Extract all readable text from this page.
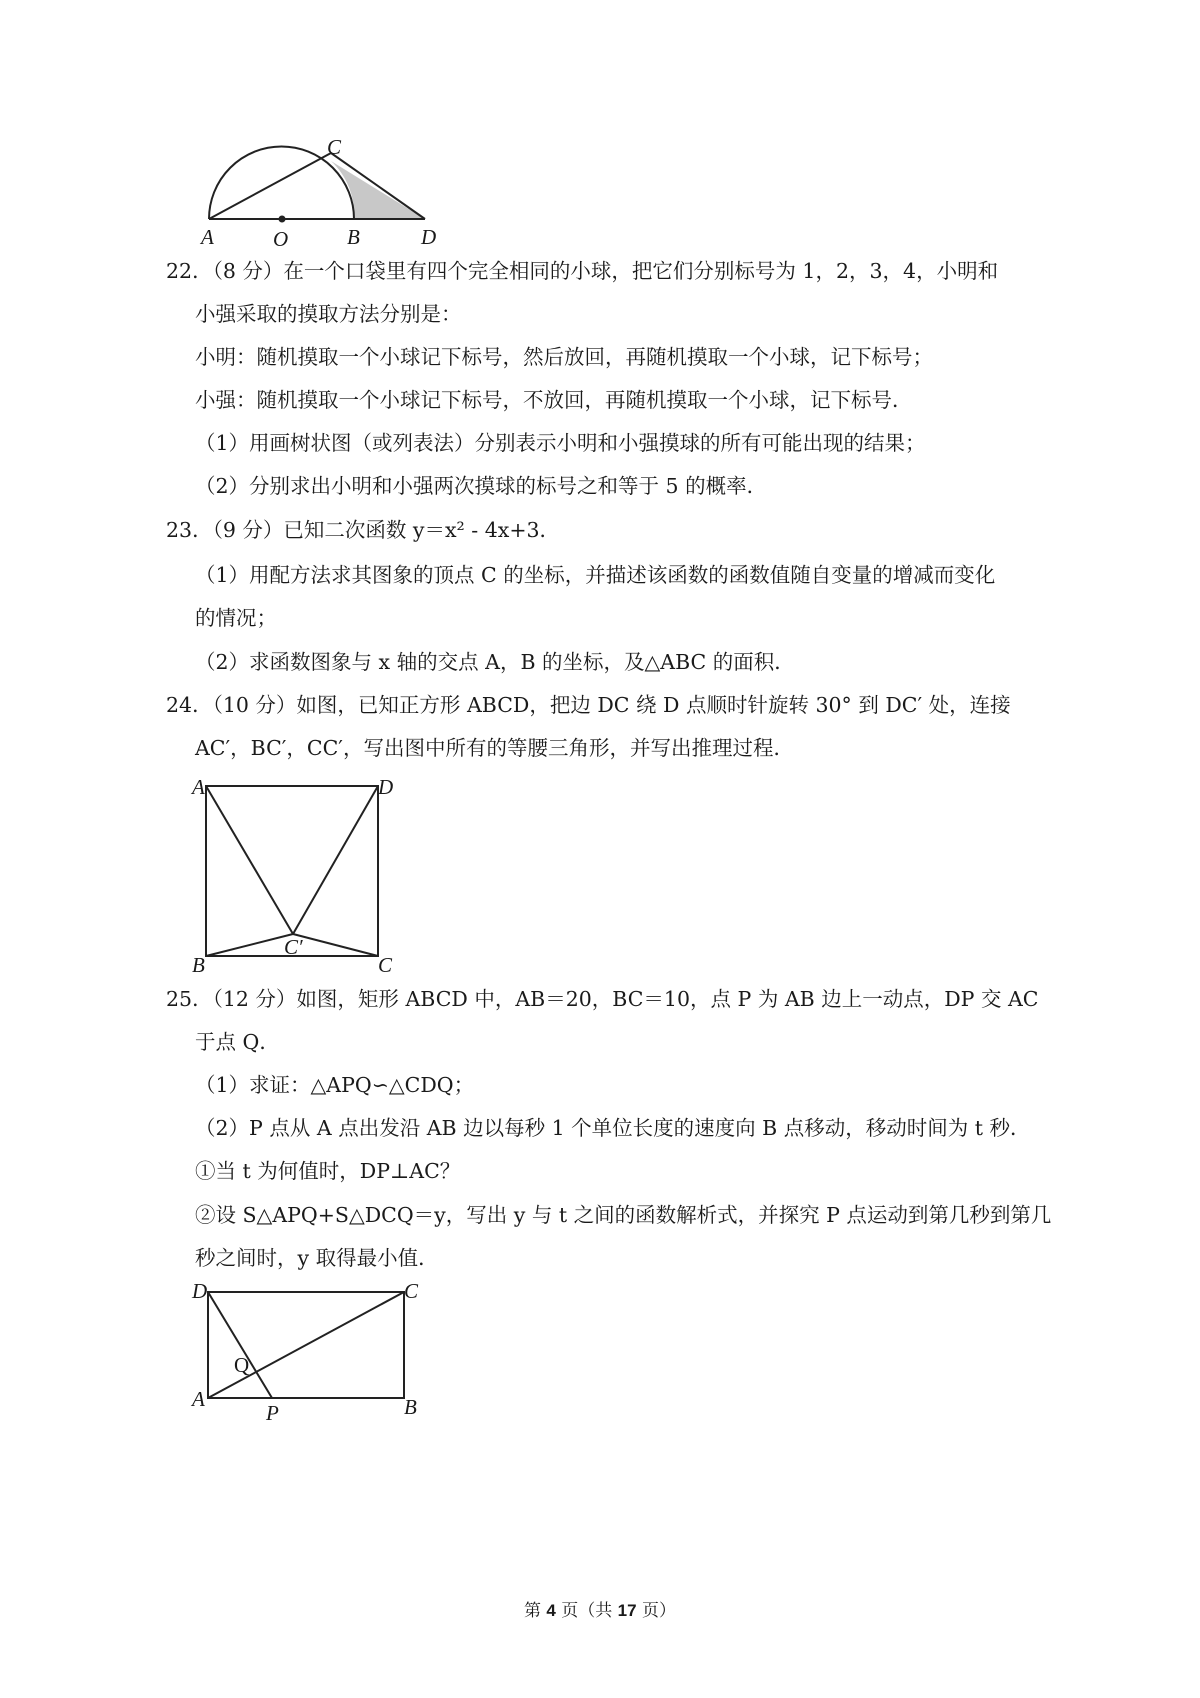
A	O	B	D
C
22．（8 分）在一个口袋里有四个完全相同的小球，把它们分别标号为 1，2，3，4，小明和
小强采取的摸取方法分别是：
小明：随机摸取一个小球记下标号，然后放回，再随机摸取一个小球，记下标号；
小强：随机摸取一个小球记下标号，不放回，再随机摸取一个小球，记下标号．
（1）用画树状图（或列表法）分别表示小明和小强摸球的所有可能出现的结果；
（2）分别求出小明和小强两次摸球的标号之和等于 5 的概率．
23．（9 分）已知二次函数 y＝x² - 4x+3．
（1）用配方法求其图象的顶点 C 的坐标，并描述该函数的函数值随自变量的增减而变化
的情况；
（2）求函数图象与 x 轴的交点 A，B 的坐标，及△ABC 的面积．
24．（10 分）如图，已知正方形 ABCD，把边 DC 绕 D 点顺时针旋转 30° 到 DC′ 处，连接
AC′，BC′，CC′，写出图中所有的等腰三角形，并写出推理过程．
A	D
B	C
C′
25．（12 分）如图，矩形 ABCD 中，AB＝20，BC＝10，点 P 为 AB 边上一动点，DP 交 AC
于点 Q．
（1）求证：△APQ∽△CDQ；
（2）P 点从 A 点出发沿 AB 边以每秒 1 个单位长度的速度向 B 点移动，移动时间为 t 秒．
①当 t 为何值时，DP⊥AC？
②设 S△APQ+S△DCQ＝y，写出 y 与 t 之间的函数解析式，并探究 P 点运动到第几秒到第几
秒之间时，y 取得最小值．
D	C
A	B
P
Q
第 4 页（共 17 页）
